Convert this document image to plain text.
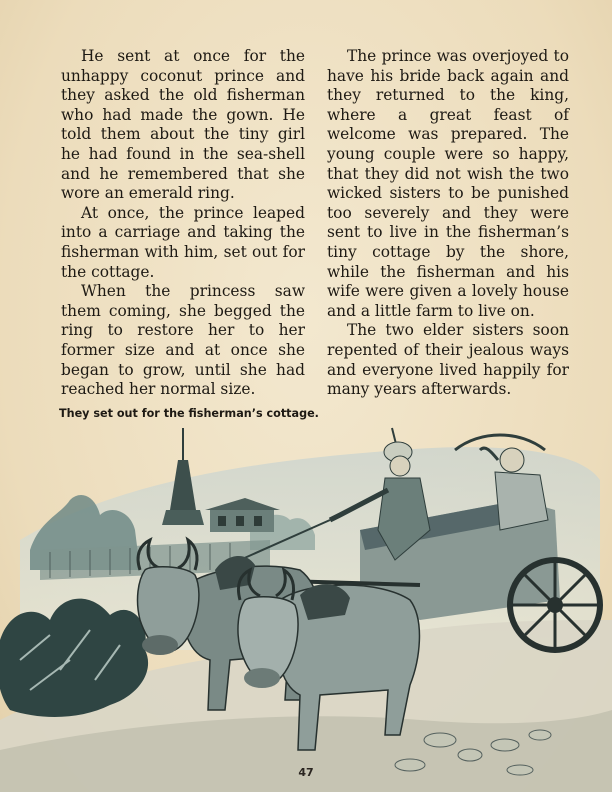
He sent at once for the unhappy coconut prince and they asked the old fisherman who had made the gown. He told them about the tiny girl he had found in the sea-shell and he remembered that she wore an emerald ring.

At once, the prince leaped into a carriage and taking the fisherman with him, set out for the cottage.

When the princess saw them coming, she begged the ring to restore her to her former size and at once she began to grow, until she had reached her normal size.

The prince was overjoyed to have his bride back again and they returned to the king, where a great feast of welcome was prepared. The young couple were so happy, that they did not wish the two wicked sisters to be punished too severely and they were sent to live in the fisherman’s tiny cottage by the shore, while the fisherman and his wife were given a lovely house and a little farm to live on.

The two elder sisters soon repented of their jealous ways and everyone lived happily for many years afterwards.

They set out for the fisherman’s cottage.
47
